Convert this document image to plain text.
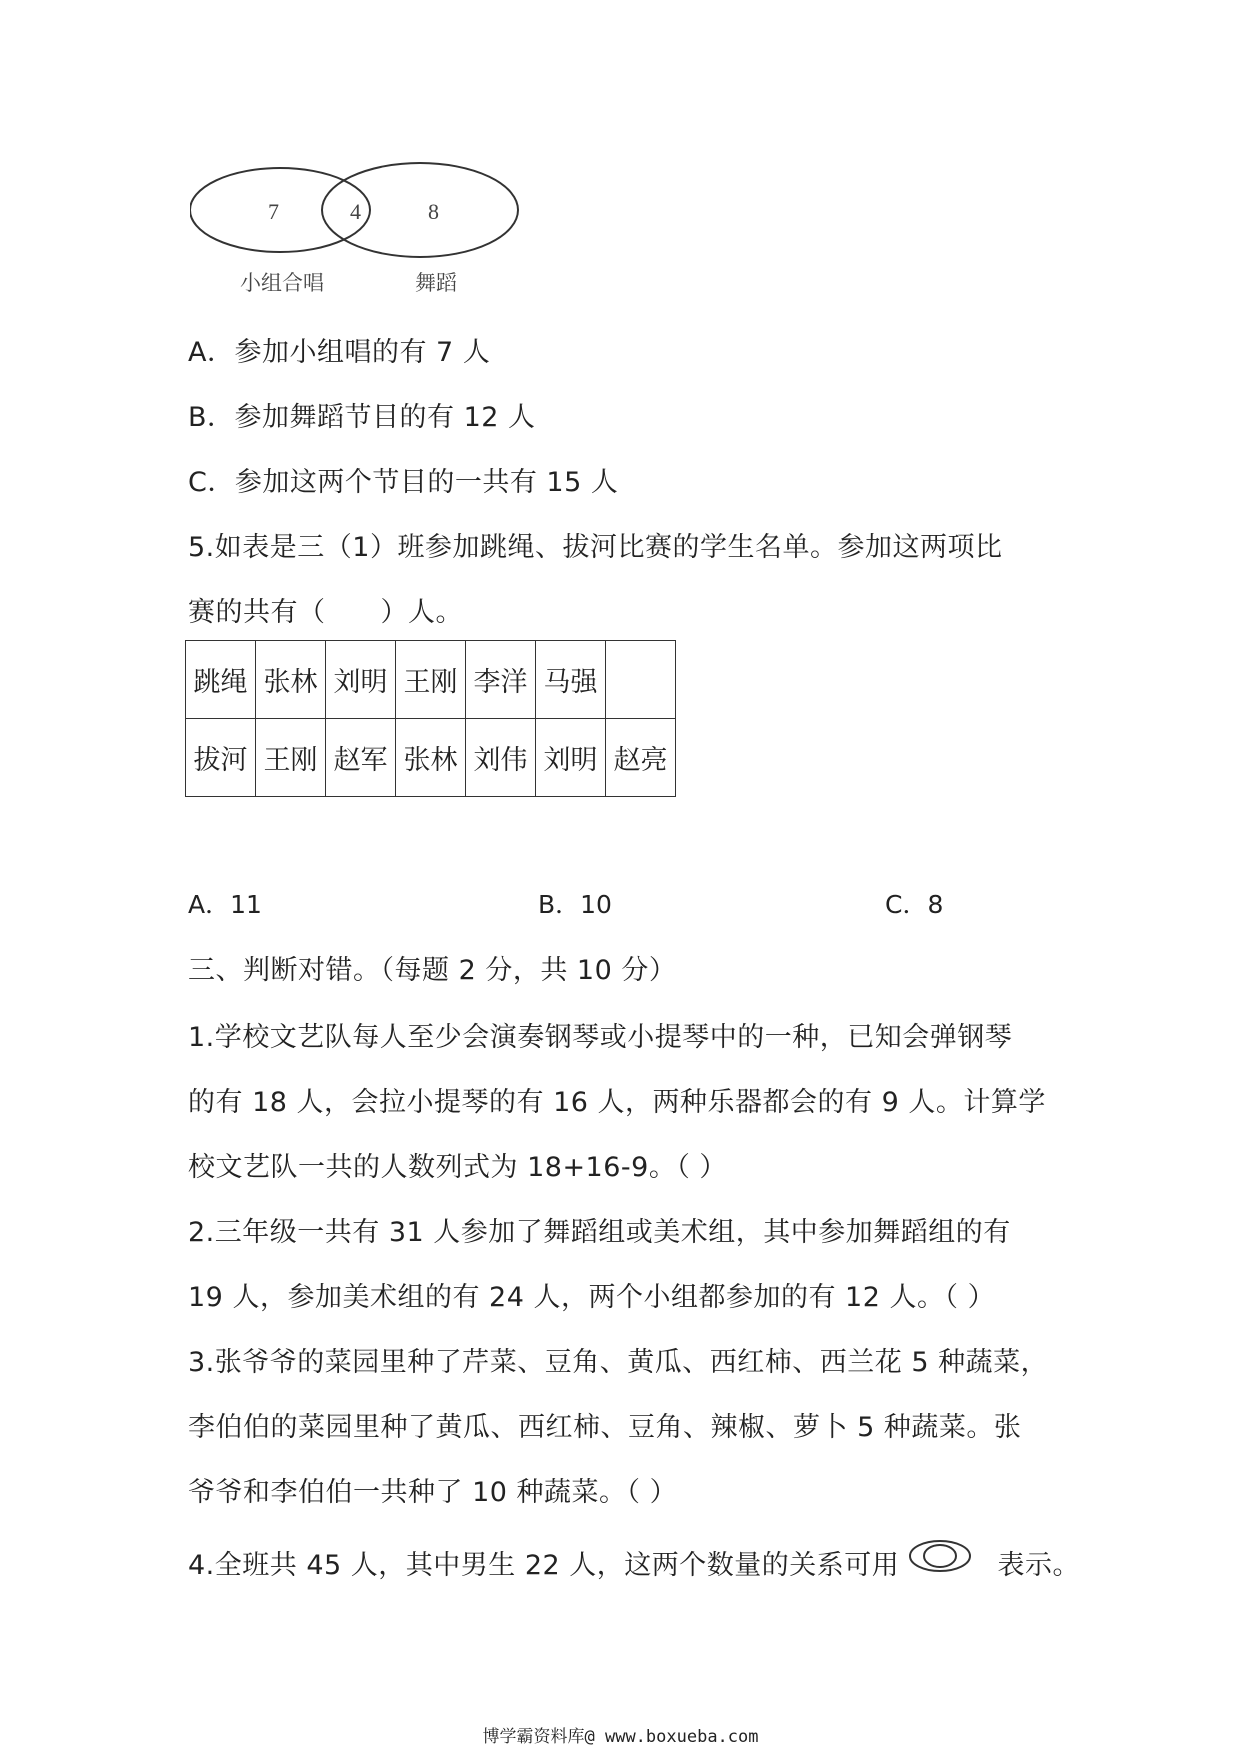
7	4	8
小组合唱	舞蹈
A．参加小组唱的有 7 人
B．参加舞蹈节目的有 12 人
C．参加这两个节目的一共有 15 人
5.如表是三（1）班参加跳绳、拔河比赛的学生名单。参加这两项比
赛的共有（　　）人。
跳绳	张林	刘明	王刚	李洋	马强	
拔河	王刚	赵军	张林	刘伟	刘明	赵亮
A．11	B．10	C．8
三、判断对错。（每题 2 分，共 10 分）
1.学校文艺队每人至少会演奏钢琴或小提琴中的一种，已知会弹钢琴
的有 18 人，会拉小提琴的有 16 人，两种乐器都会的有 9 人。计算学
校文艺队一共的人数列式为 18+16-9。（ ）
2.三年级一共有 31 人参加了舞蹈组或美术组，其中参加舞蹈组的有
19 人，参加美术组的有 24 人，两个小组都参加的有 12 人。（ ）
3.张爷爷的菜园里种了芹菜、豆角、黄瓜、西红柿、西兰花 5 种蔬菜，
李伯伯的菜园里种了黄瓜、西红柿、豆角、辣椒、萝卜 5 种蔬菜。张
爷爷和李伯伯一共种了 10 种蔬菜。（ ）
4.全班共 45 人，其中男生 22 人，这两个数量的关系可用	表示。
博学霸资料库@ www.boxueba.com
